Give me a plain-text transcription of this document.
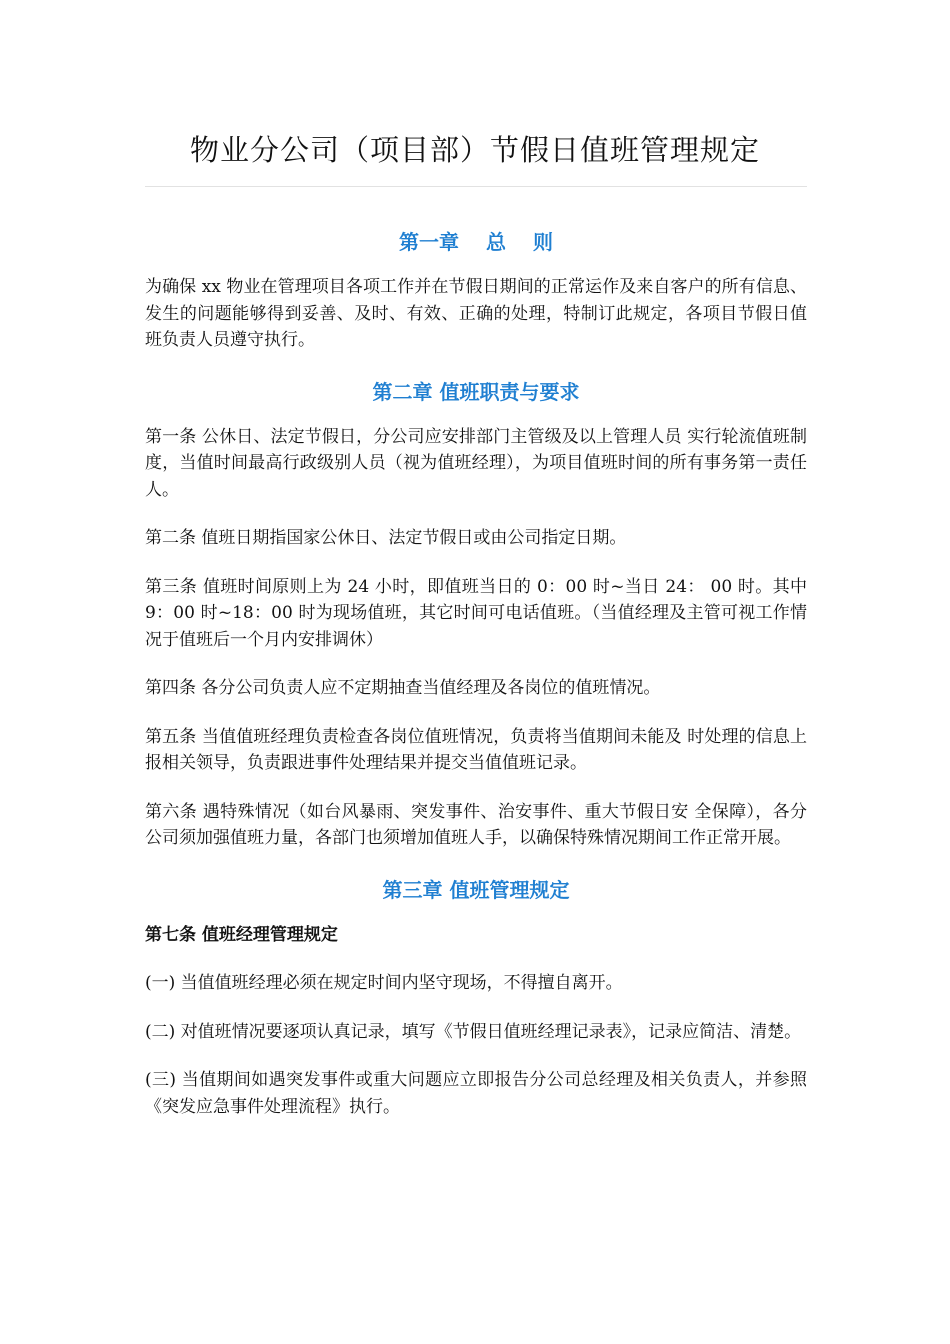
物业分公司（项目部）节假日值班管理规定
第一章　 总　 则

为确保 xx 物业在管理项目各项工作并在节假日期间的正常运作及来自客户的所有信息、发生的问题能够得到妥善、及时、有效、正确的处理，特制订此规定，各项目节假日值班负责人员遵守执行。

第二章 值班职责与要求

第一条 公休日、法定节假日，分公司应安排部门主管级及以上管理人员 实行轮流值班制度，当值时间最高行政级别人员（视为值班经理），为项目值班时间的所有事务第一责任人。

第二条 值班日期指国家公休日、法定节假日或由公司指定日期。

第三条 值班时间原则上为 24 小时，即值班当日的 0：00 时~当日 24： 00 时。其中 9：00 时~18：00 时为现场值班，其它时间可电话值班。（当值经理及主管可视工作情况于值班后一个月内安排调休）

第四条 各分公司负责人应不定期抽查当值经理及各岗位的值班情况。

第五条 当值值班经理负责检查各岗位值班情况，负责将当值期间未能及 时处理的信息上报相关领导，负责跟进事件处理结果并提交当值值班记录。

第六条 遇特殊情况（如台风暴雨、突发事件、治安事件、重大节假日安 全保障），各分公司须加强值班力量，各部门也须增加值班人手，以确保特殊情况期间工作正常开展。

第三章 值班管理规定

第七条 值班经理管理规定

(一) 当值值班经理必须在规定时间内坚守现场，不得擅自离开。

(二) 对值班情况要逐项认真记录，填写《节假日值班经理记录表》，记录应简洁、清楚。

(三) 当值期间如遇突发事件或重大问题应立即报告分公司总经理及相关负责人，并参照《突发应急事件处理流程》执行。
